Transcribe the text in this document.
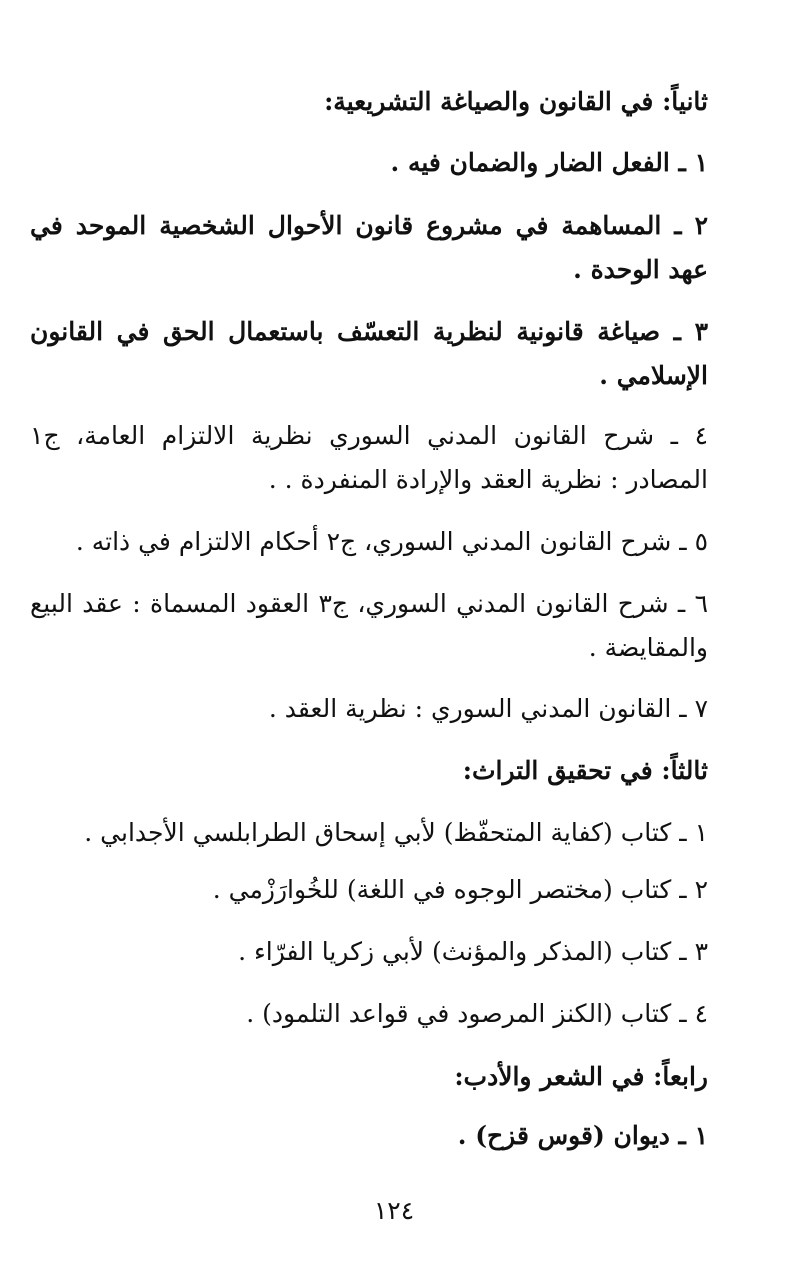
ثانياً: في القانون والصياغة التشريعية:

١ ـ الفعل الضار والضمان فيه .

٢ ـ المساهمة في مشروع قانون الأحوال الشخصية الموحد في عهد الوحدة .

٣ ـ صياغة قانونية لنظرية التعسّف باستعمال الحق في القانون الإسلامي .

٤ ـ شرح القانون المدني السوري نظرية الالتزام العامة، ج١ المصادر : نظرية العقد والإرادة المنفردة . .

٥ ـ شرح القانون المدني السوري، ج٢ أحكام الالتزام في ذاته .

٦ ـ شرح القانون المدني السوري، ج٣ العقود المسماة : عقد البيع والمقايضة .

٧ ـ القانون المدني السوري : نظرية العقد .

ثالثاً: في تحقيق التراث:

١ ـ كتاب (كفاية المتحفّظ) لأبي إسحاق الطرابلسي الأجدابي .

٢ ـ كتاب (مختصر الوجوه في اللغة) للخُوارَزْمي .

٣ ـ كتاب (المذكر والمؤنث) لأبي زكريا الفرّاء .

٤ ـ كتاب (الكنز المرصود في قواعد التلمود) .

رابعاً: في الشعر والأدب:

١ ـ ديوان (قوس قزح) .

١٢٤
